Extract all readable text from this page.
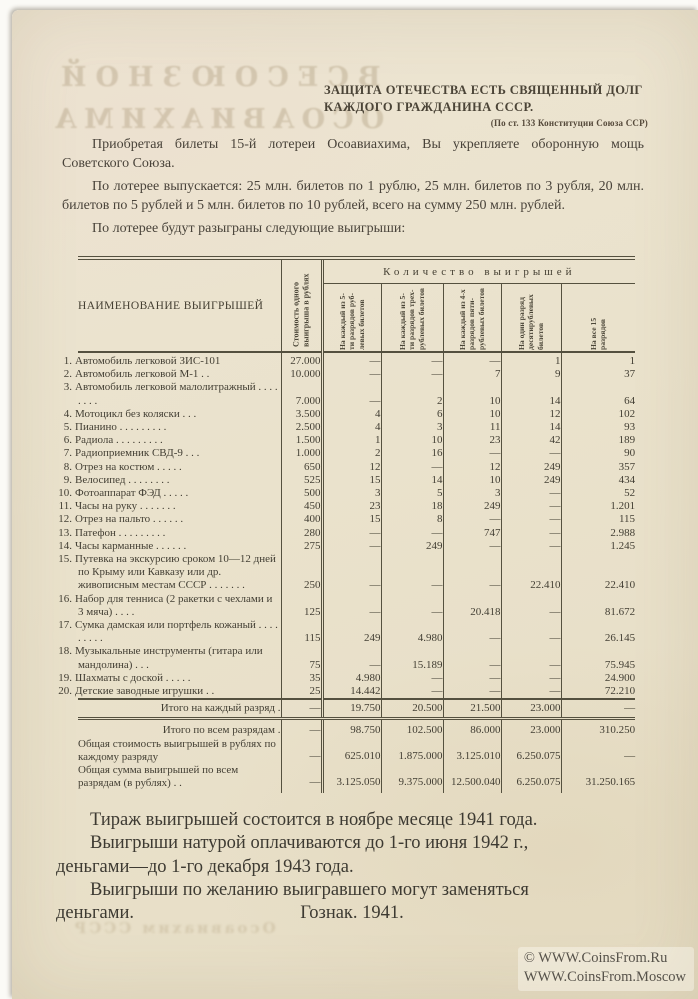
ВСЕСОЮЗНОЙ
ОСОАВИАХИМА
Осоавиахим СССР
ЗАЩИТА ОТЕЧЕСТВА ЕСТЬ СВЯЩЕННЫЙ ДОЛГ КАЖДОГО ГРАЖДАНИНА СССР.
(По ст. 133 Конституции Союза ССР)

Приобретая билеты 15-й лотереи Осоавиахима, Вы укрепляете оборонную мощь Советского Союза.

По лотерее выпускается: 25 млн. билетов по 1 рублю, 25 млн. билетов по 3 рубля, 20 млн. билетов по 5 рублей и 5 млн. билетов по 10 рублей, всего на сумму 250 млн. рублей.

По лотерее будут разыграны следующие выигрыши:

НАИМЕНОВАНИЕ ВЫИГРЫШЕЙ	Стоимость одного выигрыша в рублях	Количество выигрышей				

		На каждый из 5-ти разрядов рублевых билетов	На каждый из 5-ти разрядов трехрублевых билетов	На каждый из 4-х разрядов пятирублевых билетов	На один разряд десятирублевых билетов	На все 15 разрядов

1. Автомобиль легковой ЗИС-101	27.000	—	—	—	1	1
2. Автомобиль легковой М-1 . .	10.000	—	—	7	9	37
3. Автомобиль легковой малолитражный . . . . . . . .	7.000	—	2	10	14	64
4. Мотоцикл без коляски . . .	3.500	4	6	10	12	102
5. Пианино . . . . . . . . .	2.500	4	3	11	14	93
6. Радиола . . . . . . . . .	1.500	1	10	23	42	189
7. Радиоприемник СВД-9 . . .	1.000	2	16	—	—	90
8. Отрез на костюм . . . . .	650	12	—	12	249	357
9. Велосипед . . . . . . . .	525	15	14	10	249	434
10. Фотоаппарат ФЭД . . . . .	500	3	5	3	—	52
11. Часы на руку . . . . . . .	450	23	18	249	—	1.201
12. Отрез на пальто . . . . . .	400	15	8	—	—	115
13. Патефон . . . . . . . . .	280	—	—	747	—	2.988
14. Часы карманные . . . . . .	275	—	249	—	—	1.245
15. Путевка на экскурсию сроком 10—12 дней по Крыму или Кавказу или др. живописным местам СССР . . . . . . .	250	—	—	—	22.410	22.410
16. Набор для тенниса (2 ракетки с чехлами и 3 мяча) . . . .	125	—	—	20.418	—	81.672
17. Сумка дамская или портфель кожаный . . . . . . . . .	115	249	4.980	—	—	26.145
18. Музыкальные инструменты (гитара или мандолина) . . .	75	—	15.189	—	—	75.945
19. Шахматы с доской . . . . .	35	4.980	—	—	—	24.900
20. Детские заводные игрушки . .	25	14.442	—	—	—	72.210
Итого на каждый разряд .	—	19.750	20.500	21.500	23.000	—
Итого по всем разрядам .	—	98.750	102.500	86.000	23.000	310.250
Общая стоимость выигрышей в рублях по каждому разряду	—	625.010	1.875.000	3.125.010	6.250.075	—
Общая сумма выигрышей по всем разрядам (в рублях) . .	—	3.125.050	9.375.000	12.500.040	6.250.075	31.250.165
Тираж выигрышей состоится в ноябре месяце 1941 года.
Выигрыши натурой оплачиваются до 1-го июня 1942 г.,
деньгами—до 1-го декабря 1943 года.
Выигрыши по желанию выигравшего могут заменяться
деньгами.	Гознак. 1941.
© WWW.CoinsFrom.Ru
WWW.CoinsFrom.Moscow
